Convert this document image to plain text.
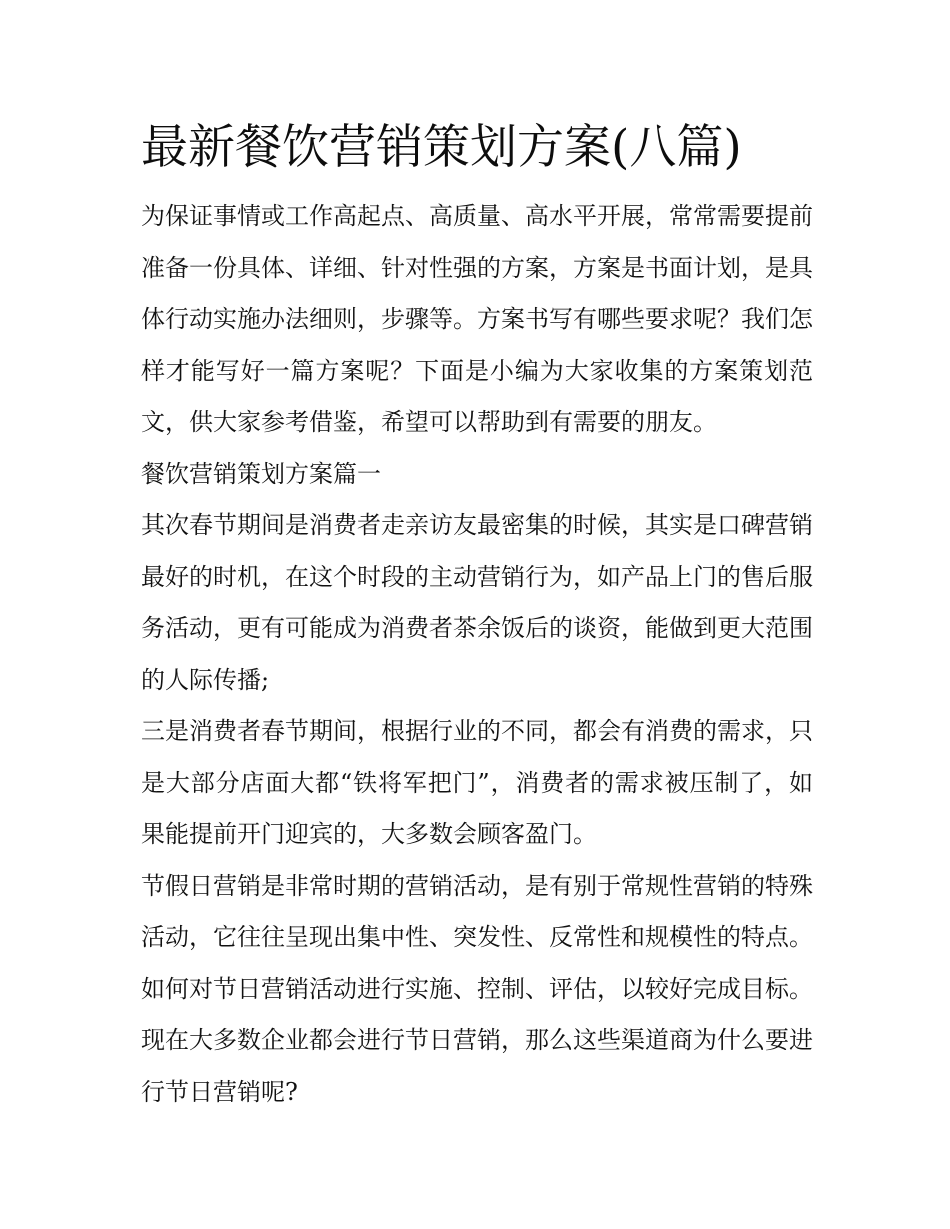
最新餐饮营销策划方案(八篇)

为保证事情或工作高起点、高质量、高水平开展，常常需要提前准备一份具体、详细、针对性强的方案，方案是书面计划，是具体行动实施办法细则，步骤等。方案书写有哪些要求呢？我们怎样才能写好一篇方案呢？下面是小编为大家收集的方案策划范文，供大家参考借鉴，希望可以帮助到有需要的朋友。

餐饮营销策划方案篇一

其次春节期间是消费者走亲访友最密集的时候，其实是口碑营销最好的时机，在这个时段的主动营销行为，如产品上门的售后服务活动，更有可能成为消费者茶余饭后的谈资，能做到更大范围的人际传播;

三是消费者春节期间，根据行业的不同，都会有消费的需求，只是大部分店面大都“铁将军把门”，消费者的需求被压制了，如果能提前开门迎宾的，大多数会顾客盈门。

节假日营销是非常时期的营销活动，是有别于常规性营销的特殊活动，它往往呈现出集中性、突发性、反常性和规模性的特点。如何对节日营销活动进行实施、控制、评估，以较好完成目标。现在大多数企业都会进行节日营销，那么这些渠道商为什么要进行节日营销呢?
